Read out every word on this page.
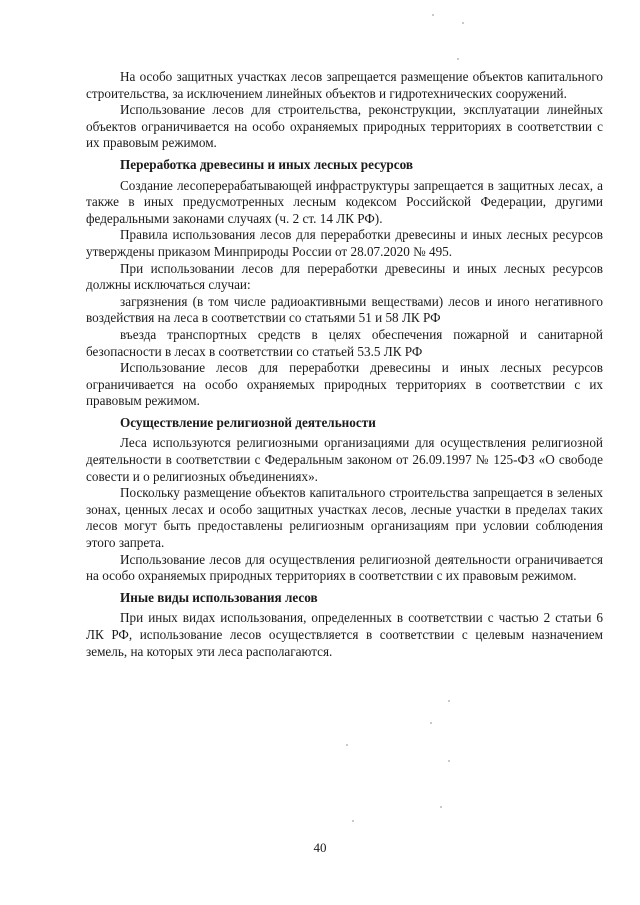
На особо защитных участках лесов запрещается размещение объектов капитального строительства, за исключением линейных объектов и гидротехнических сооружений.

Использование лесов для строительства, реконструкции, эксплуатации линейных объектов ограничивается на особо охраняемых природных территориях в соответствии с их правовым режимом.

Переработка древесины и иных лесных ресурсов

Создание лесоперерабатывающей инфраструктуры запрещается в защитных лесах, а также в иных предусмотренных лесным кодексом Российской Федерации, другими федеральными законами случаях (ч. 2 ст. 14 ЛК РФ).

Правила использования лесов для переработки древесины и иных лесных ресурсов утверждены приказом Минприроды России от 28.07.2020 № 495.

При использовании лесов для переработки древесины и иных лесных ресурсов должны исключаться случаи:

загрязнения (в том числе радиоактивными веществами) лесов и иного негативного воздействия на леса в соответствии со статьями 51 и 58 ЛК РФ

въезда транспортных средств в целях обеспечения пожарной и санитарной безопасности в лесах в соответствии со статьей 53.5 ЛК РФ

Использование лесов для переработки древесины и иных лесных ресурсов ограничивается на особо охраняемых природных территориях в соответствии с их правовым режимом.

Осуществление религиозной деятельности

Леса используются религиозными организациями для осуществления религиозной деятельности в соответствии с Федеральным законом от 26.09.1997 № 125-ФЗ «О свободе совести и о религиозных объединениях».

Поскольку размещение объектов капитального строительства запрещается в зеленых зонах, ценных лесах и особо защитных участках лесов, лесные участки в пределах таких лесов могут быть предоставлены религиозным организациям при условии соблюдения этого запрета.

Использование лесов для осуществления религиозной деятельности ограничивается на особо охраняемых природных территориях в соответствии с их правовым режимом.

Иные виды использования лесов

При иных видах использования, определенных в соответствии с частью 2 статьи 6 ЛК РФ, использование лесов осуществляется в соответствии с целевым назначением земель, на которых эти леса располагаются.

40
